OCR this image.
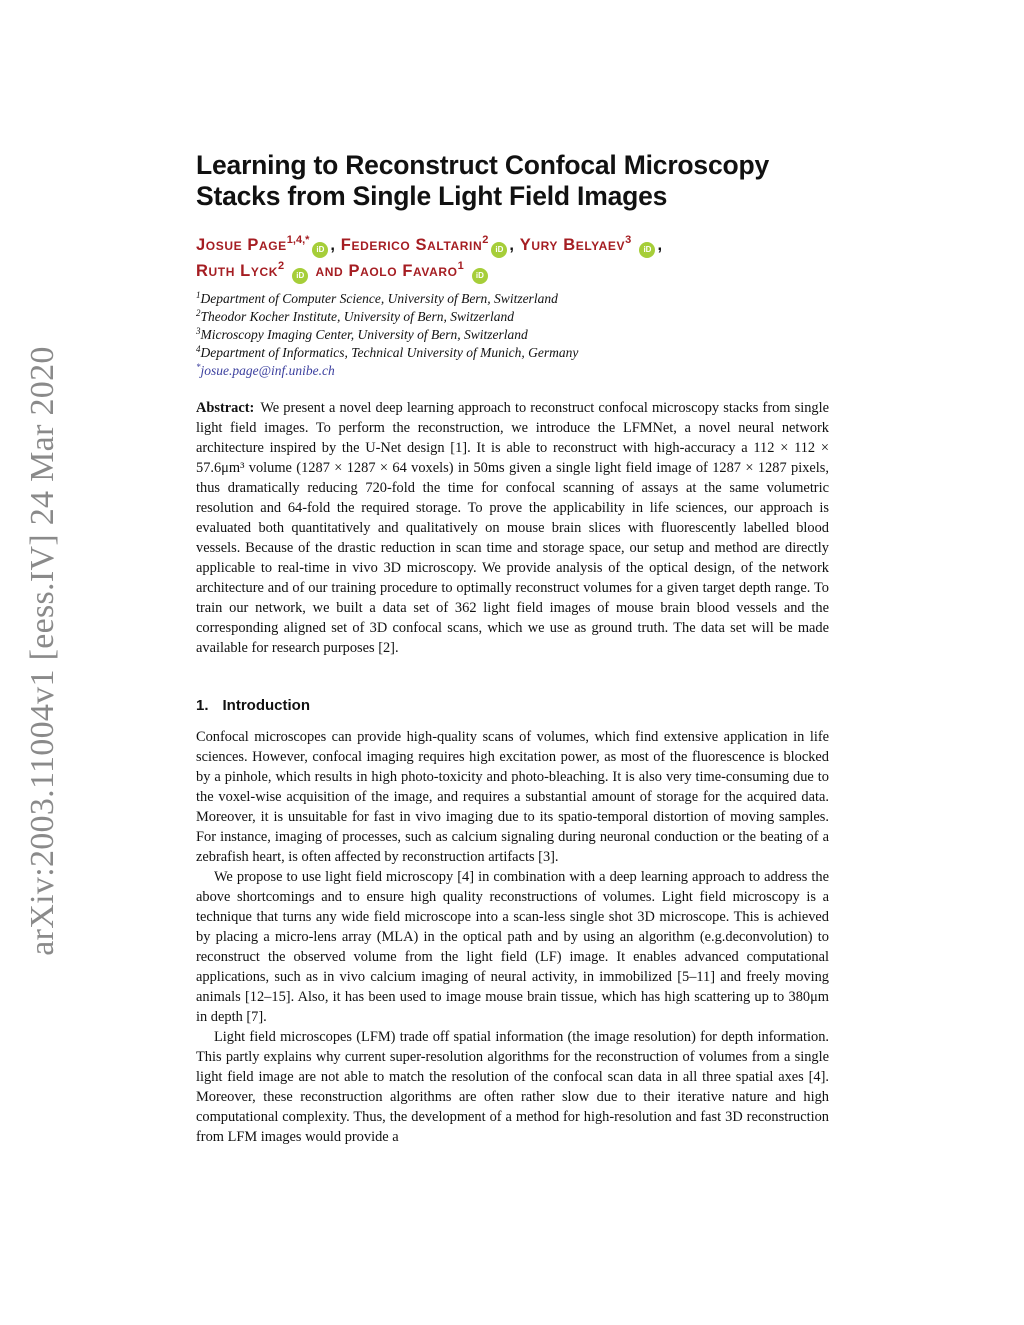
arXiv:2003.11004v1 [eess.IV] 24 Mar 2020
Learning to Reconstruct Confocal Microscopy
Stacks from Single Light Field Images
Josue Page$^{1,4,*}$iD , Federico Saltarin$^2$iD , Yury Belyaev$^3$ iD ,
Ruth Lyck$^2$ iD and Paolo Favaro$^1$ iD
$^1$Department of Computer Science, University of Bern, Switzerland
$^2$Theodor Kocher Institute, University of Bern, Switzerland
$^3$Microscopy Imaging Center, University of Bern, Switzerland
$^4$Department of Informatics, Technical University of Munich, Germany
*josue.page@inf.unibe.ch
Abstract: We present a novel deep learning approach to reconstruct confocal microscopy stacks from single light field images. To perform the reconstruction, we introduce the LFMNet, a novel neural network architecture inspired by the U-Net design [1]. It is able to reconstruct with high-accuracy a 112 × 112 × 57.6μm³ volume (1287 × 1287 × 64 voxels) in 50ms given a single light field image of 1287 × 1287 pixels, thus dramatically reducing 720-fold the time for confocal scanning of assays at the same volumetric resolution and 64-fold the required storage. To prove the applicability in life sciences, our approach is evaluated both quantitatively and qualitatively on mouse brain slices with fluorescently labelled blood vessels. Because of the drastic reduction in scan time and storage space, our setup and method are directly applicable to real-time in vivo 3D microscopy. We provide analysis of the optical design, of the network architecture and of our training procedure to optimally reconstruct volumes for a given target depth range. To train our network, we built a data set of 362 light field images of mouse brain blood vessels and the corresponding aligned set of 3D confocal scans, which we use as ground truth. The data set will be made available for research purposes [2].
1. Introduction

Confocal microscopes can provide high-quality scans of volumes, which find extensive application in life sciences. However, confocal imaging requires high excitation power, as most of the fluorescence is blocked by a pinhole, which results in high photo-toxicity and photo-bleaching. It is also very time-consuming due to the voxel-wise acquisition of the image, and requires a substantial amount of storage for the acquired data. Moreover, it is unsuitable for fast in vivo imaging due to its spatio-temporal distortion of moving samples. For instance, imaging of processes, such as calcium signaling during neuronal conduction or the beating of a zebrafish heart, is often affected by reconstruction artifacts [3].

We propose to use light field microscopy [4] in combination with a deep learning approach to address the above shortcomings and to ensure high quality reconstructions of volumes. Light field microscopy is a technique that turns any wide field microscope into a scan-less single shot 3D microscope. This is achieved by placing a micro-lens array (MLA) in the optical path and by using an algorithm (e.g.deconvolution) to reconstruct the observed volume from the light field (LF) image. It enables advanced computational applications, such as in vivo calcium imaging of neural activity, in immobilized [5–11] and freely moving animals [12–15]. Also, it has been used to image mouse brain tissue, which has high scattering up to 380μm in depth [7].

Light field microscopes (LFM) trade off spatial information (the image resolution) for depth information. This partly explains why current super-resolution algorithms for the reconstruction of volumes from a single light field image are not able to match the resolution of the confocal scan data in all three spatial axes [4]. Moreover, these reconstruction algorithms are often rather slow due to their iterative nature and high computational complexity. Thus, the development of a method for high-resolution and fast 3D reconstruction from LFM images would provide a
